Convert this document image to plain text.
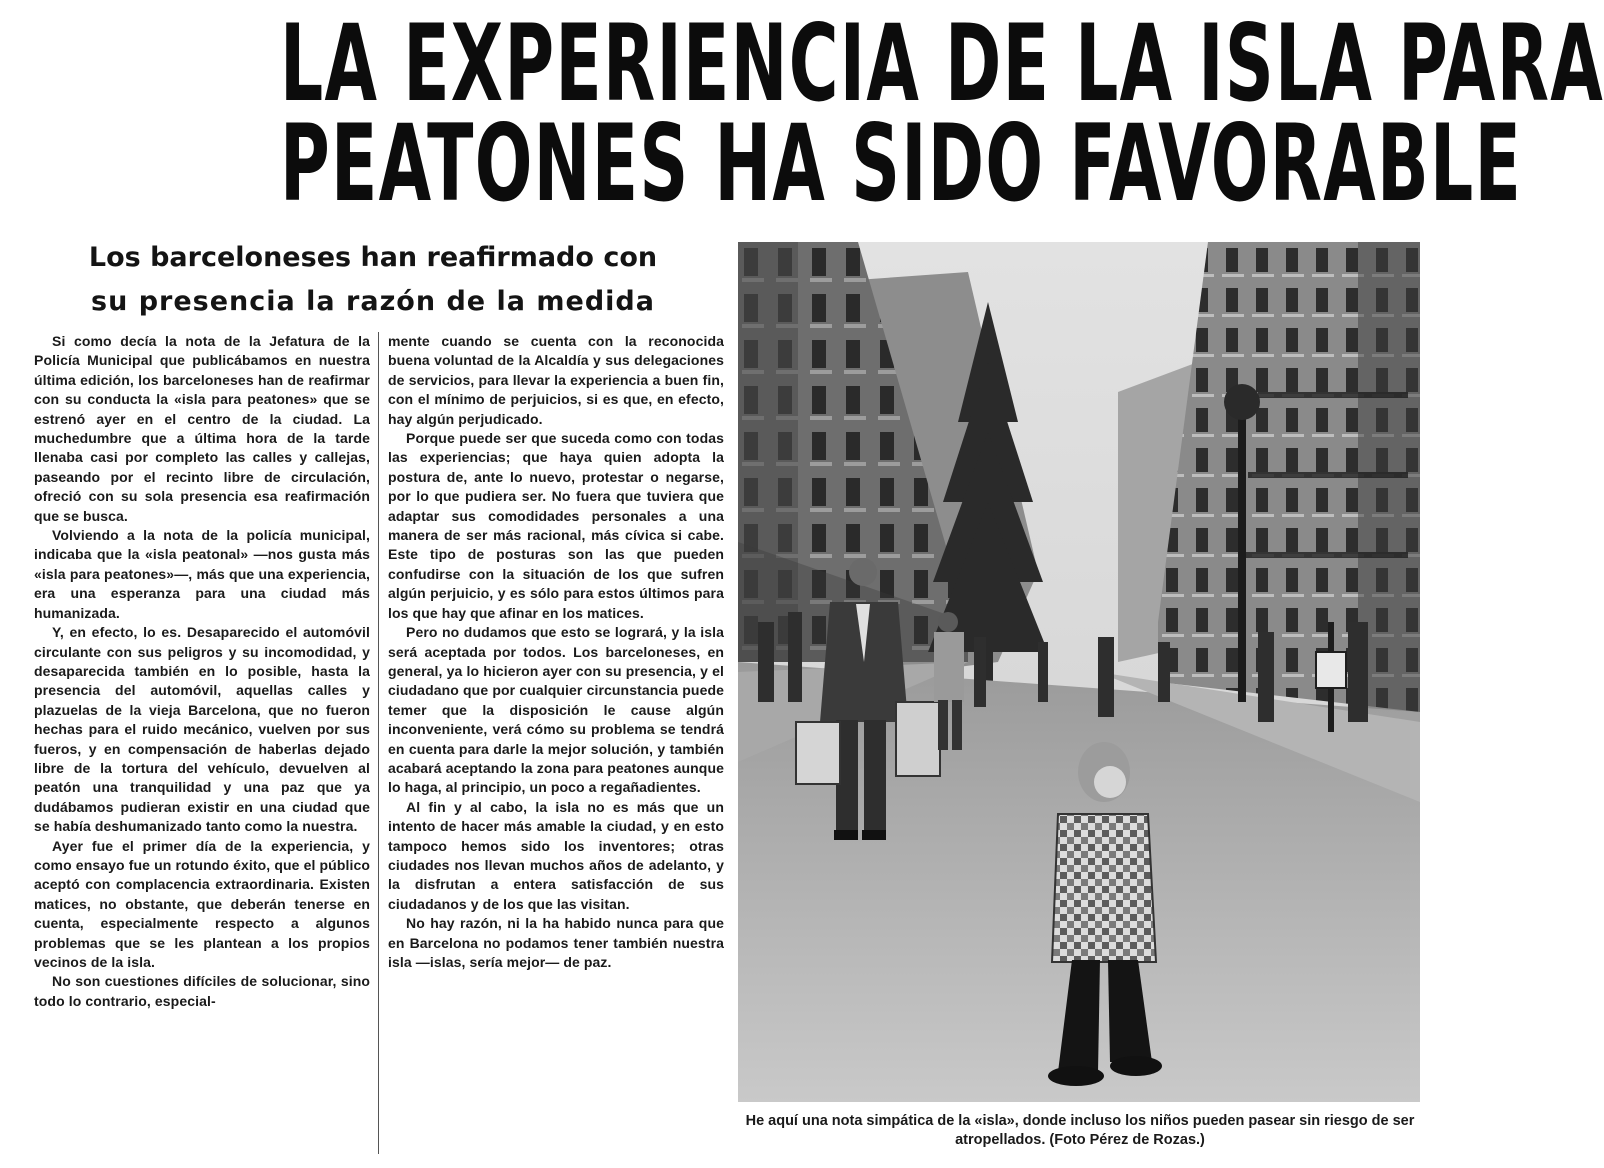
LA EXPERIENCIA DE LA ISLA PARA
PEATONES HA SIDO FAVORABLE
Los barceloneses han reafirmado con
su presencia la razón de la medida

Si como decía la nota de la Jefatura de la Policía Municipal que publicábamos en nuestra última edición, los barceloneses han de reafirmar con su conducta la «isla para peatones» que se estrenó ayer en el centro de la ciudad. La muchedumbre que a última hora de la tarde llenaba casi por completo las calles y callejas, paseando por el recinto libre de circulación, ofreció con su sola presencia esa reafirmación que se busca.

Volviendo a la nota de la policía municipal, indicaba que la «isla peatonal» —nos gusta más «isla para peatones»—, más que una experiencia, era una esperanza para una ciudad más humanizada.

Y, en efecto, lo es. Desaparecido el automóvil circulante con sus peligros y su incomodidad, y desaparecida también en lo posible, hasta la presencia del automóvil, aquellas calles y plazuelas de la vieja Barcelona, que no fueron hechas para el ruido mecánico, vuelven por sus fueros, y en compensación de haberlas dejado libre de la tortura del vehículo, devuelven al peatón una tranquilidad y una paz que ya dudábamos pudieran existir en una ciudad que se había deshumanizado tanto como la nuestra.

Ayer fue el primer día de la experiencia, y como ensayo fue un rotundo éxito, que el público aceptó con complacencia extraordinaria. Existen matices, no obstante, que deberán tenerse en cuenta, especialmente respecto a algunos problemas que se les plantean a los propios vecinos de la isla.

No son cuestiones difíciles de solucionar, sino todo lo contrario, especial-

mente cuando se cuenta con la reconocida buena voluntad de la Alcaldía y sus delegaciones de servicios, para llevar la experiencia a buen fin, con el mínimo de perjuicios, si es que, en efecto, hay algún perjudicado.

Porque puede ser que suceda como con todas las experiencias; que haya quien adopta la postura de, ante lo nuevo, protestar o negarse, por lo que pudiera ser. No fuera que tuviera que adaptar sus comodidades personales a una manera de ser más racional, más cívica si cabe. Este tipo de posturas son las que pueden confudirse con la situación de los que sufren algún perjuicio, y es sólo para estos últimos para los que hay que afinar en los matices.

Pero no dudamos que esto se logrará, y la isla será aceptada por todos. Los barceloneses, en general, ya lo hicieron ayer con su presencia, y el ciudadano que por cualquier circunstancia puede temer que la disposición le cause algún inconveniente, verá cómo su problema se tendrá en cuenta para darle la mejor solución, y también acabará aceptando la zona para peatones aunque lo haga, al principio, un poco a regañadientes.

Al fin y al cabo, la isla no es más que un intento de hacer más amable la ciudad, y en esto tampoco hemos sido los inventores; otras ciudades nos llevan muchos años de adelanto, y la disfrutan a entera satisfacción de sus ciudadanos y de los que las visitan.

No hay razón, ni la ha habido nunca para que en Barcelona no podamos tener también nuestra isla —islas, sería mejor— de paz.

He aquí una nota simpática de la «isla», donde incluso los niños pueden pasear sin riesgo de ser atropellados. (Foto Pérez de Rozas.)
